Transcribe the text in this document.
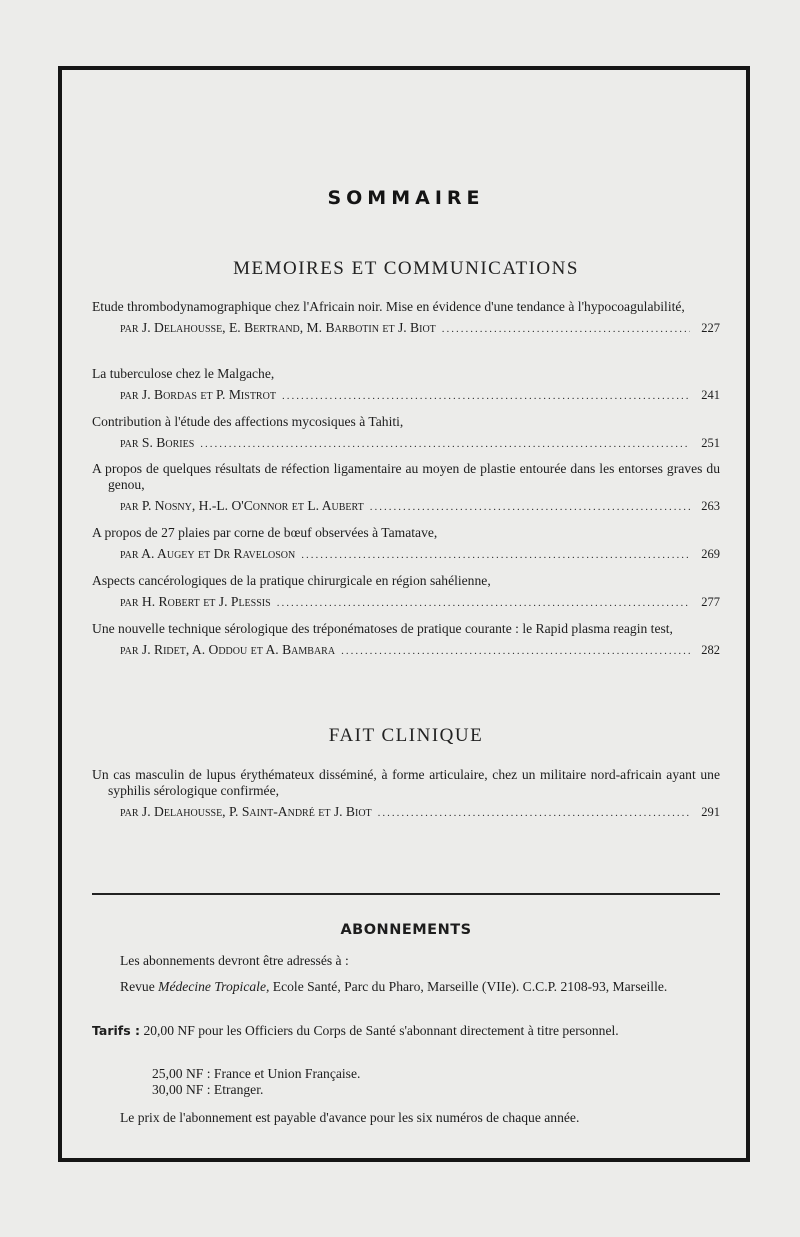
SOMMAIRE
MEMOIRES ET COMMUNICATIONS
Etude thrombodynamographique chez l'Africain noir. Mise en évidence d'une tendance à l'hypocoagulabilité,
par J. Delahousse, E. Bertrand, M. Barbotin et J. Biot .....	227
La tuberculose chez le Malgache,
par J. Bordas et P. Mistrot .....	241
Contribution à l'étude des affections mycosiques à Tahiti,
par S. Bories .....	251
A propos de quelques résultats de réfection ligamentaire au moyen de plastie entourée dans les entorses graves du genou,
par P. Nosny, H.-L. O'Connor et L. Aubert .....	263
A propos de 27 plaies par corne de bœuf observées à Tamatave,
par A. Augey et Dr Raveloson .....	269
Aspects cancérologiques de la pratique chirurgicale en région sahélienne,
par H. Robert et J. Plessis .....	277
Une nouvelle technique sérologique des tréponématoses de pratique courante : le Rapid plasma reagin test,
par J. Ridet, A. Oddou et A. Bambara .....	282
FAIT CLINIQUE
Un cas masculin de lupus érythémateux disséminé, à forme articulaire, chez un militaire nord-africain ayant une syphilis sérologique confirmée,
par J. Delahousse, P. Saint-André et J. Biot .....	291
ABONNEMENTS
Les abonnements devront être adressés à :
Revue Médecine Tropicale, Ecole Santé, Parc du Pharo, Marseille (VIIe). C.C.P. 2108-93, Marseille.
Tarifs : 20,00 NF pour les Officiers du Corps de Santé s'abonnant directement à titre personnel.
25,00 NF : France et Union Française.
30,00 NF : Etranger.
Le prix de l'abonnement est payable d'avance pour les six numéros de chaque année.
